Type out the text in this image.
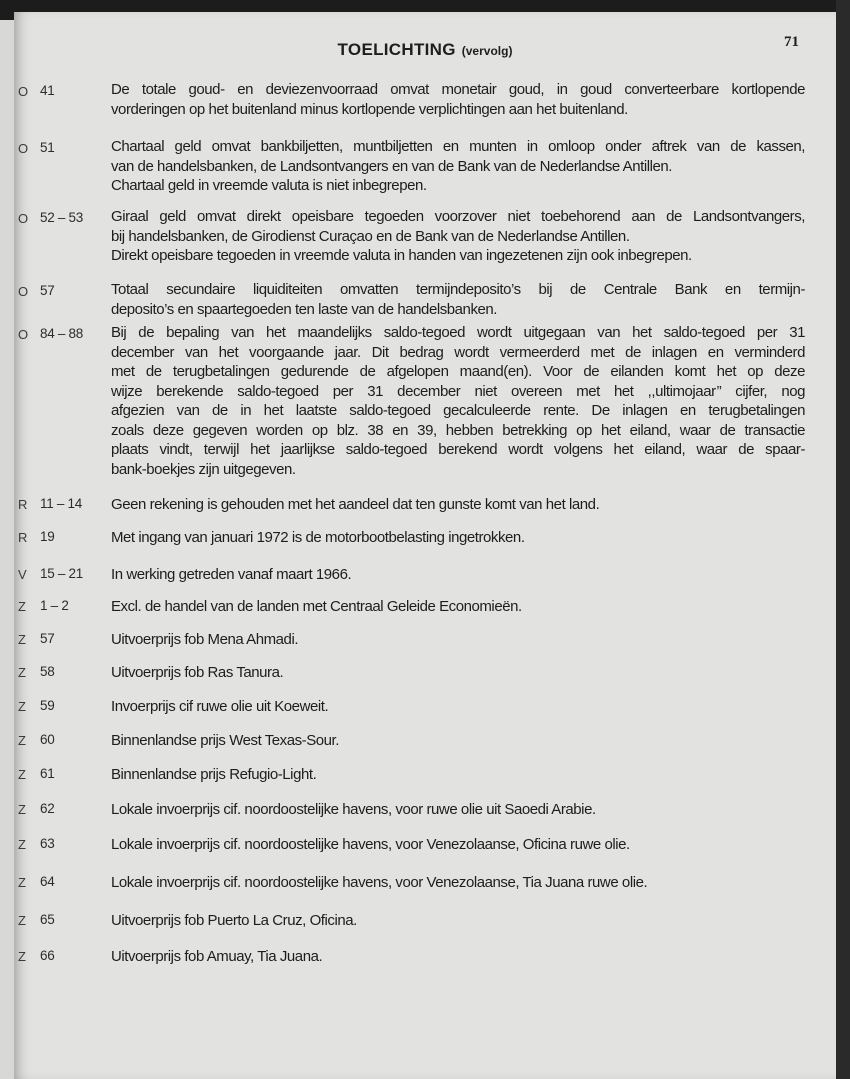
TOELICHTING (vervolg)
71
O 41	De totale goud- en deviezenvoorraad omvat monetair goud, in goud converteerbare kortlopende
vorderingen op het buitenland minus kortlopende verplichtingen aan het buitenland.
O 51	Chartaal geld omvat bankbiljetten, muntbiljetten en munten in omloop onder aftrek van de kassen,
van de handelsbanken, de Landsontvangers en van de Bank van de Nederlandse Antillen.
Chartaal geld in vreemde valuta is niet inbegrepen.
O 52 – 53 Giraal geld omvat direkt opeisbare tegoeden voorzover niet toebehorend aan de Landsontvangers,
bij handelsbanken, de Girodienst Curaçao en de Bank van de Nederlandse Antillen.
Direkt opeisbare tegoeden in vreemde valuta in handen van ingezetenen zijn ook inbegrepen.
O 57	Totaal secundaire liquiditeiten omvatten termijndeposito’s bij de Centrale Bank en termijn-
deposito’s en spaartegoeden ten laste van de handelsbanken.
O 84 – 88 Bij de bepaling van het maandelijks saldo-tegoed wordt uitgegaan van het saldo-tegoed per 31
december van het voorgaande jaar. Dit bedrag wordt vermeerderd met de inlagen en verminderd
met de terugbetalingen gedurende de afgelopen maand(en). Voor de eilanden komt het op deze
wijze berekende saldo-tegoed per 31 december niet overeen met het ,,ultimojaar’’ cijfer, nog
afgezien van de in het laatste saldo-tegoed gecalculeerde rente. De inlagen en terugbetalingen
zoals deze gegeven worden op blz. 38 en 39, hebben betrekking op het eiland, waar de transactie
plaats vindt, terwijl het jaarlijkse saldo-tegoed berekend wordt volgens het eiland, waar de spaar-
bank-boekjes zijn uitgegeven.
R 11 – 14 Geen rekening is gehouden met het aandeel dat ten gunste komt van het land.
R 19	Met ingang van januari 1972 is de motorbootbelasting ingetrokken.
V 15 – 21 In werking getreden vanaf maart 1966.
Z 1 – 2	Excl. de handel van de landen met Centraal Geleide Economieën.
Z 57	Uitvoerprijs fob Mena Ahmadi.
Z 58	Uitvoerprijs fob Ras Tanura.
Z 59	Invoerprijs cif ruwe olie uit Koeweit.
Z 60	Binnenlandse prijs West Texas-Sour.
Z 61	Binnenlandse prijs Refugio-Light.
Z 62	Lokale invoerprijs cif. noordoostelijke havens, voor ruwe olie uit Saoedi Arabie.
Z 63	Lokale invoerprijs cif. noordoostelijke havens, voor Venezolaanse, Oficina ruwe olie.
Z 64	Lokale invoerprijs cif. noordoostelijke havens, voor Venezolaanse, Tia Juana ruwe olie.
Z 65	Uitvoerprijs fob Puerto La Cruz, Oficina.
Z 66	Uitvoerprijs fob Amuay, Tia Juana.
